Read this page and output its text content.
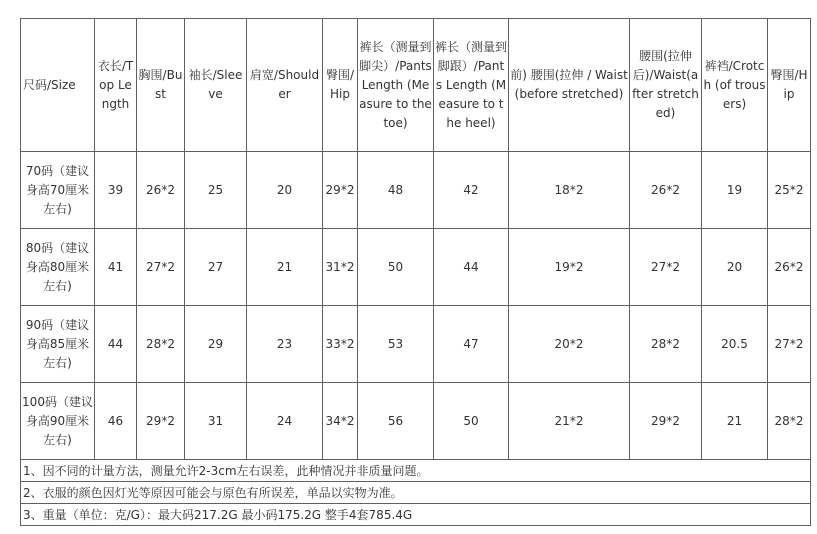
尺码/Size	衣长/Top Length	胸围/Bust	袖长/Sleeve	肩宽/Shoulder	臀围/Hip	裤长（测量到脚尖）/Pants Length (Measure to the toe)	裤长（测量到脚跟）/Pants Length (Measure to the heel)	前) 腰围(拉伸 / Waist(before stretched)	腰围(拉伸后)/Waist(after stretched)	裤裆/Crotch (of trousers)	臀围/Hip
70码（建议身高70厘米左右)	39	26*2	25	20	29*2	48	42	18*2	26*2	19	25*2
80码（建议身高80厘米左右)	41	27*2	27	21	31*2	50	44	19*2	27*2	20	26*2
90码（建议身高85厘米左右)	44	28*2	29	23	33*2	53	47	20*2	28*2	20.5	27*2
100码（建议身高90厘米左右)	46	29*2	31	24	34*2	56	50	21*2	29*2	21	28*2
1、因不同的计量方法，测量允许2-3cm左右误差，此种情况并非质量问题。											
2、衣服的颜色因灯光等原因可能会与原色有所误差，单品以实物为准。											
3、重量（单位：克/G）：最大码217.2G 最小码175.2G 整手4套785.4G											
